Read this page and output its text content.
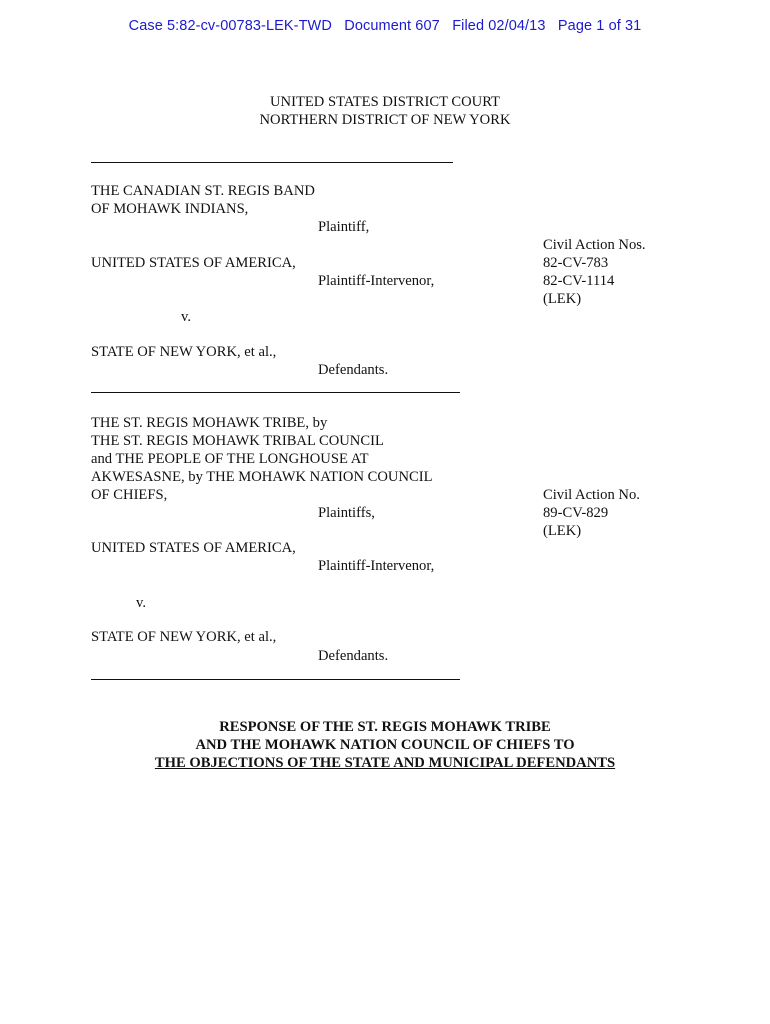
Case 5:82-cv-00783-LEK-TWD Document 607 Filed 02/04/13 Page 1 of 31
UNITED STATES DISTRICT COURT
NORTHERN DISTRICT OF NEW YORK
THE CANADIAN ST. REGIS BAND
OF MOHAWK INDIANS,
Plaintiff,
UNITED STATES OF AMERICA,
Plaintiff-Intervenor,
v.
STATE OF NEW YORK, et al.,
Defendants.
Civil Action Nos.
82-CV-783
82-CV-1114
(LEK)
THE ST. REGIS MOHAWK TRIBE, by
THE ST. REGIS MOHAWK TRIBAL COUNCIL
and THE PEOPLE OF THE LONGHOUSE AT
AKWESASNE, by THE MOHAWK NATION COUNCIL
OF CHIEFS,
Plaintiffs,
UNITED STATES OF AMERICA,
Plaintiff-Intervenor,
v.
STATE OF NEW YORK, et al.,
Defendants.
Civil Action No.
89-CV-829
(LEK)
RESPONSE OF THE ST. REGIS MOHAWK TRIBE
AND THE MOHAWK NATION COUNCIL OF CHIEFS TO
THE OBJECTIONS OF THE STATE AND MUNICIPAL DEFENDANTS
